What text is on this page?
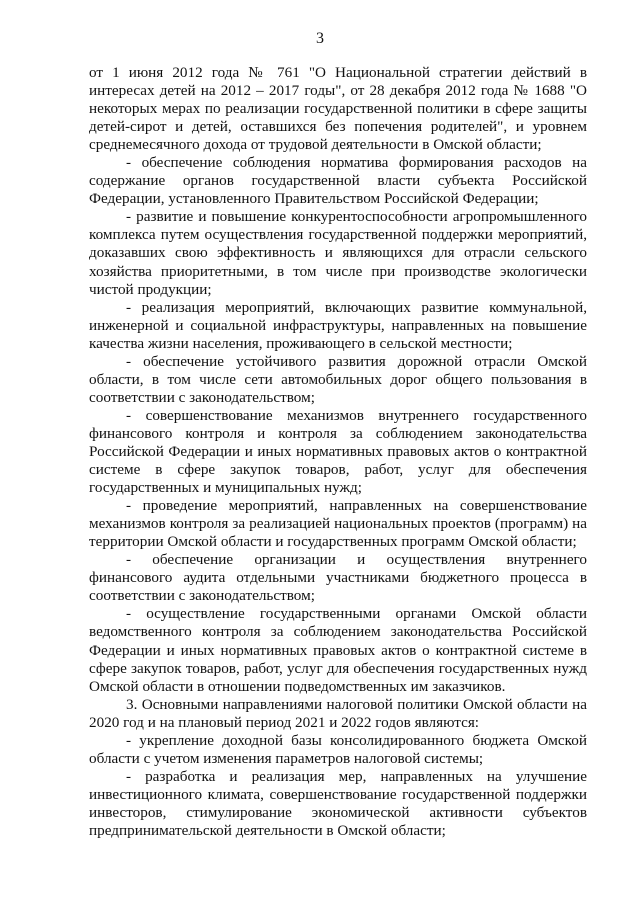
3

от 1 июня 2012 года № 761 "О Национальной стратегии действий в интересах детей на 2012 – 2017 годы", от 28 декабря 2012 года № 1688 "О некоторых мерах по реализации государственной политики в сфере защиты детей-сирот и детей, оставшихся без попечения родителей", и уровнем среднемесячного дохода от трудовой деятельности в Омской области;

- обеспечение соблюдения норматива формирования расходов на содержание органов государственной власти субъекта Российской Федерации, установленного Правительством Российской Федерации;

- развитие и повышение конкурентоспособности агропромышленного комплекса путем осуществления государственной поддержки мероприятий, доказавших свою эффективность и являющихся для отрасли сельского хозяйства приоритетными, в том числе при производстве экологически чистой продукции;

- реализация мероприятий, включающих развитие коммунальной, инженерной и социальной инфраструктуры, направленных на повышение качества жизни населения, проживающего в сельской местности;

- обеспечение устойчивого развития дорожной отрасли Омской области, в том числе сети автомобильных дорог общего пользования в соответствии с законодательством;

- совершенствование механизмов внутреннего государственного финансового контроля и контроля за соблюдением законодательства Российской Федерации и иных нормативных правовых актов о контрактной системе в сфере закупок товаров, работ, услуг для обеспечения государственных и муниципальных нужд;

- проведение мероприятий, направленных на совершенствование механизмов контроля за реализацией национальных проектов (программ) на территории Омской области и государственных программ Омской области;

- обеспечение организации и осуществления внутреннего финансового аудита отдельными участниками бюджетного процесса в соответствии с законодательством;

- осуществление государственными органами Омской области ведомственного контроля за соблюдением законодательства Российской Федерации и иных нормативных правовых актов о контрактной системе в сфере закупок товаров, работ, услуг для обеспечения государственных нужд Омской области в отношении подведомственных им заказчиков.

3. Основными направлениями налоговой политики Омской области на 2020 год и на плановый период 2021 и 2022 годов являются:

- укрепление доходной базы консолидированного бюджета Омской области с учетом изменения параметров налоговой системы;

- разработка и реализация мер, направленных на улучшение инвестиционного климата, совершенствование государственной поддержки инвесторов, стимулирование экономической активности субъектов предпринимательской деятельности в Омской области;
